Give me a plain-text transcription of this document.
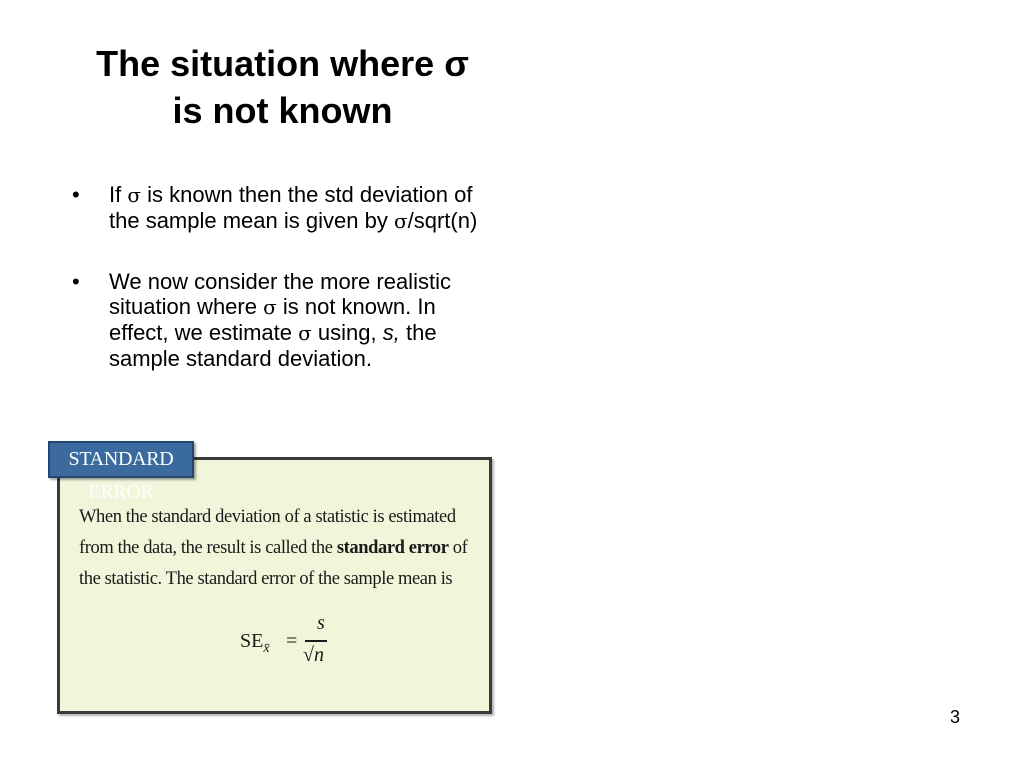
The situation where σ
is not known
• If σ is known then the std deviation of the sample mean is given by σ/sqrt(n)
• We now consider the more realistic situation where σ is not known. In effect, we estimate σ using, s, the sample standard deviation.
STANDARD ERROR
When the standard deviation of a statistic is estimated from the data, the result is called the standard error of the statistic. The standard error of the sample mean is
$SE_{x̄}$ =
s
√n
3
